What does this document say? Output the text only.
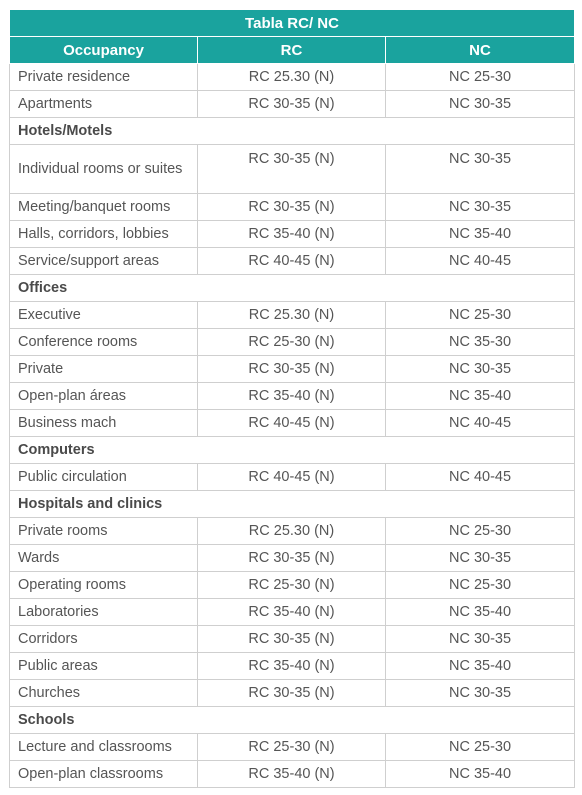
Tabla RC/ NC		
Occupancy	RC	NC
Private residence	RC 25.30 (N)	NC 25-30
Apartments	RC 30-35 (N)	NC 30-35
Hotels/Motels		
Individual rooms or suites	RC 30-35 (N)	NC 30-35
Meeting/banquet rooms	RC 30-35 (N)	NC 30-35
Halls, corridors, lobbies	RC 35-40 (N)	NC 35-40
Service/support areas	RC 40-45 (N)	NC 40-45
Offices		
Executive	RC 25.30 (N)	NC 25-30
Conference rooms	RC 25-30 (N)	NC 35-30
Private	RC 30-35 (N)	NC 30-35
Open-plan áreas	RC 35-40 (N)	NC 35-40
Business mach	RC 40-45 (N)	NC 40-45
Computers		
Public circulation	RC 40-45 (N)	NC 40-45
Hospitals and clinics		
Private rooms	RC 25.30 (N)	NC 25-30
Wards	RC 30-35 (N)	NC 30-35
Operating rooms	RC 25-30 (N)	NC 25-30
Laboratories	RC 35-40 (N)	NC 35-40
Corridors	RC 30-35 (N)	NC 30-35
Public areas	RC 35-40 (N)	NC 35-40
Churches	RC 30-35 (N)	NC 30-35
Schools		
Lecture and classrooms	RC 25-30 (N)	NC 25-30
Open-plan classrooms	RC 35-40 (N)	NC 35-40
